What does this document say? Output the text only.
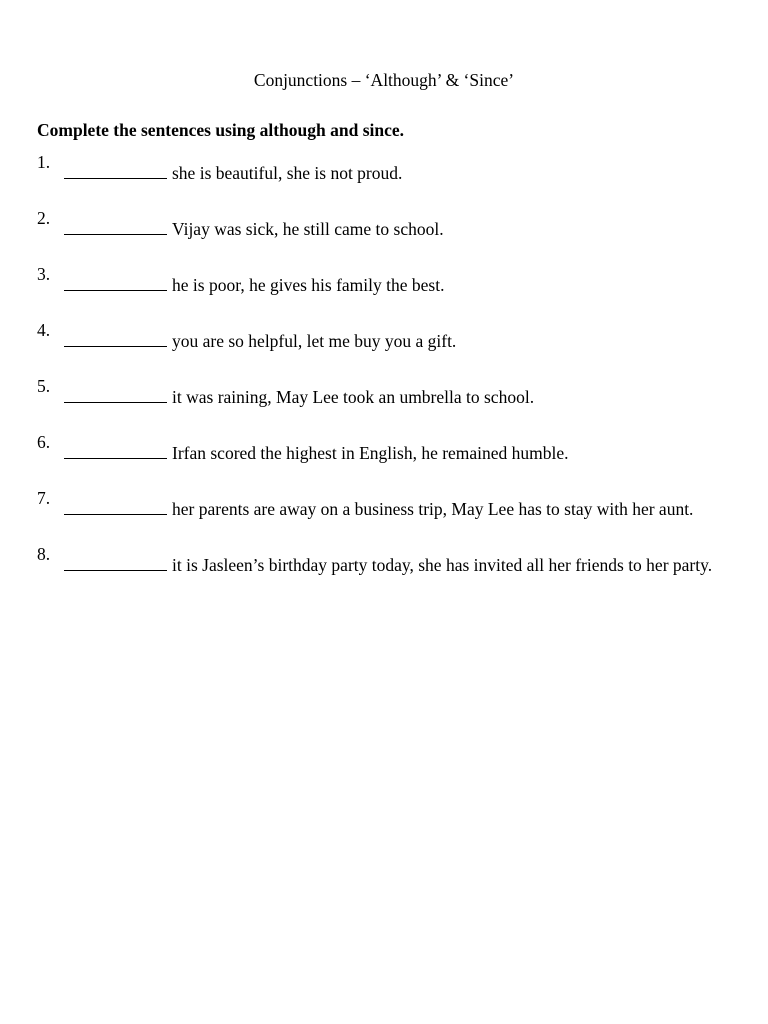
Conjunctions – ‘Although’ & ‘Since’
Complete the sentences using although and since.
1.
she is beautiful, she is not proud.
2.
Vijay was sick, he still came to school.
3.
he is poor, he gives his family the best.
4.
you are so helpful, let me buy you a gift.
5.
it was raining, May Lee took an umbrella to school.
6.
Irfan scored the highest in English, he remained humble.
7.
her parents are away on a business trip, May Lee has to stay with her aunt.
8.
it is Jasleen’s birthday party today, she has invited all her friends to her party.
